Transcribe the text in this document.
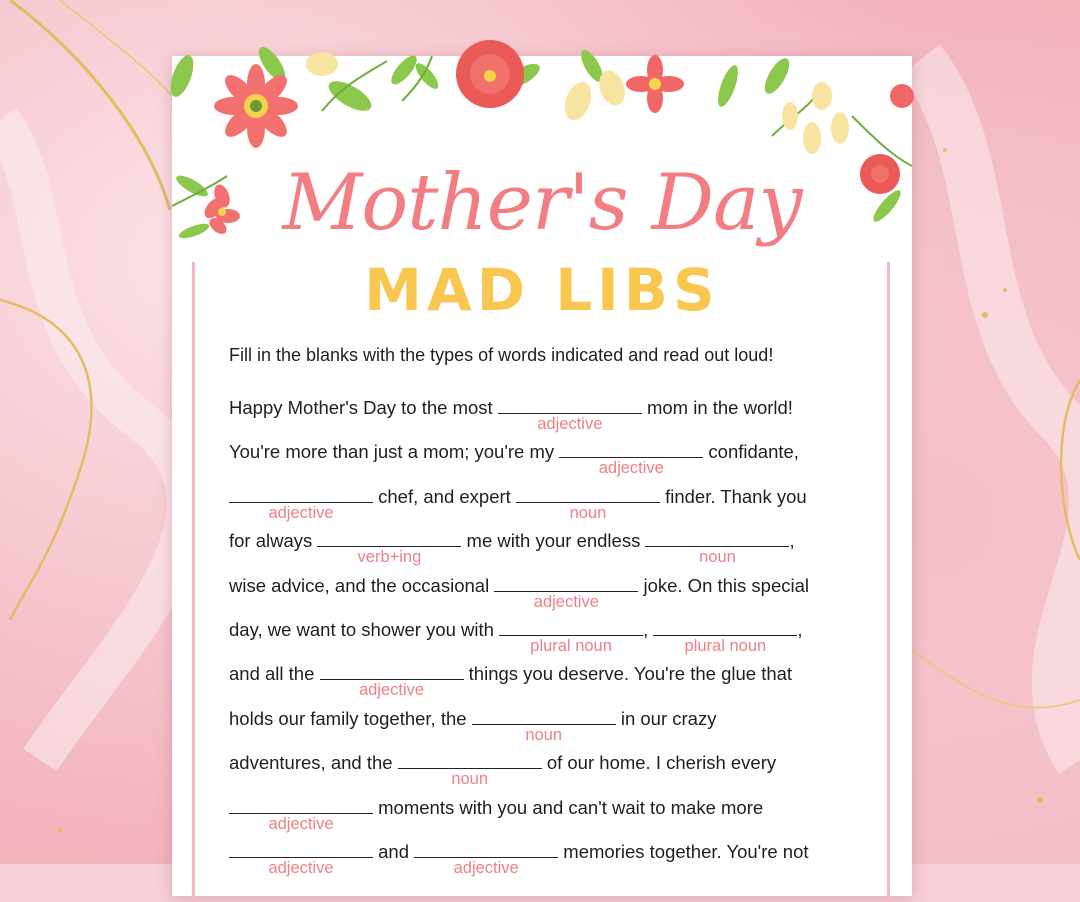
Mother's Day
MAD LIBS
Fill in the blanks with the types of words indicated and read out loud!
Happy Mother's Day to the most
adjective
mom in the world!
You're more than just a mom; you're my
adjective
confidante,
adjective
chef, and expert
noun
finder. Thank you
for always
verb+ing
me with your endless
noun
,
wise advice, and the occasional
adjective
joke. On this special
day, we want to shower you with
plural noun
,
plural noun
,
and all the
adjective
things you deserve. You're the glue that
holds our family together, the
noun
in our crazy
adventures, and the
noun
of our home. I cherish every
adjective
moments with you and can't wait to make more
adjective
and
adjective
memories together. You're not
